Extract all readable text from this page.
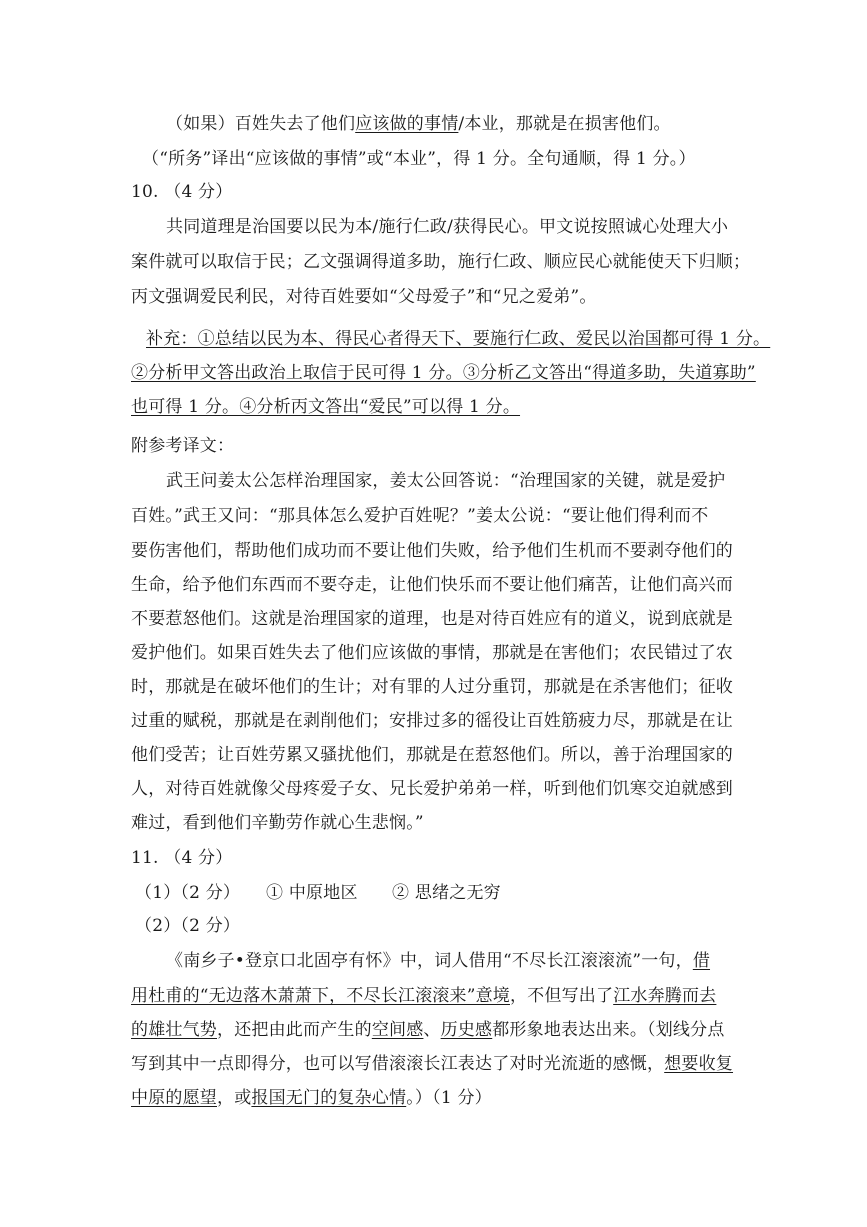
（如果）百姓失去了他们应该做的事情/本业，那就是在损害他们。
（“所务”译出“应该做的事情”或“本业”，得 1 分。全句通顺，得 1 分。）
10. （4 分）
共同道理是治国要以民为本/施行仁政/获得民心。甲文说按照诚心处理大小
案件就可以取信于民；乙文强调得道多助，施行仁政、顺应民心就能使天下归顺；
丙文强调爱民利民，对待百姓要如“父母爱子”和“兄之爱弟”。
补充：①总结以民为本、得民心者得天下、要施行仁政、爱民以治国都可得 1 分。
②分析甲文答出政治上取信于民可得 1 分。③分析乙文答出“得道多助，失道寡助”
也可得 1 分。④分析丙文答出“爱民”可以得 1 分。
附参考译文：
武王问姜太公怎样治理国家，姜太公回答说：“治理国家的关键，就是爱护
百姓。”武王又问：“那具体怎么爱护百姓呢？”姜太公说：“要让他们得利而不
要伤害他们，帮助他们成功而不要让他们失败，给予他们生机而不要剥夺他们的
生命，给予他们东西而不要夺走，让他们快乐而不要让他们痛苦，让他们高兴而
不要惹怒他们。这就是治理国家的道理，也是对待百姓应有的道义，说到底就是
爱护他们。如果百姓失去了他们应该做的事情，那就是在害他们；农民错过了农
时，那就是在破坏他们的生计；对有罪的人过分重罚，那就是在杀害他们；征收
过重的赋税，那就是在剥削他们；安排过多的徭役让百姓筋疲力尽，那就是在让
他们受苦；让百姓劳累又骚扰他们，那就是在惹怒他们。所以，善于治理国家的
人，对待百姓就像父母疼爱子女、兄长爱护弟弟一样，听到他们饥寒交迫就感到
难过，看到他们辛勤劳作就心生悲悯。”
11. （4 分）
（1）（2 分）　　① 中原地区　　② 思绪之无穷
（2）（2 分）
《南乡子•登京口北固亭有怀》中，词人借用“不尽长江滚滚流”一句，借
用杜甫的“无边落木萧萧下，不尽长江滚滚来”意境，不但写出了江水奔腾而去
的雄壮气势，还把由此而产生的空间感、历史感都形象地表达出来。（划线分点
写到其中一点即得分，也可以写借滚滚长江表达了对时光流逝的感慨，想要收复
中原的愿望，或报国无门的复杂心情。）（1 分）
